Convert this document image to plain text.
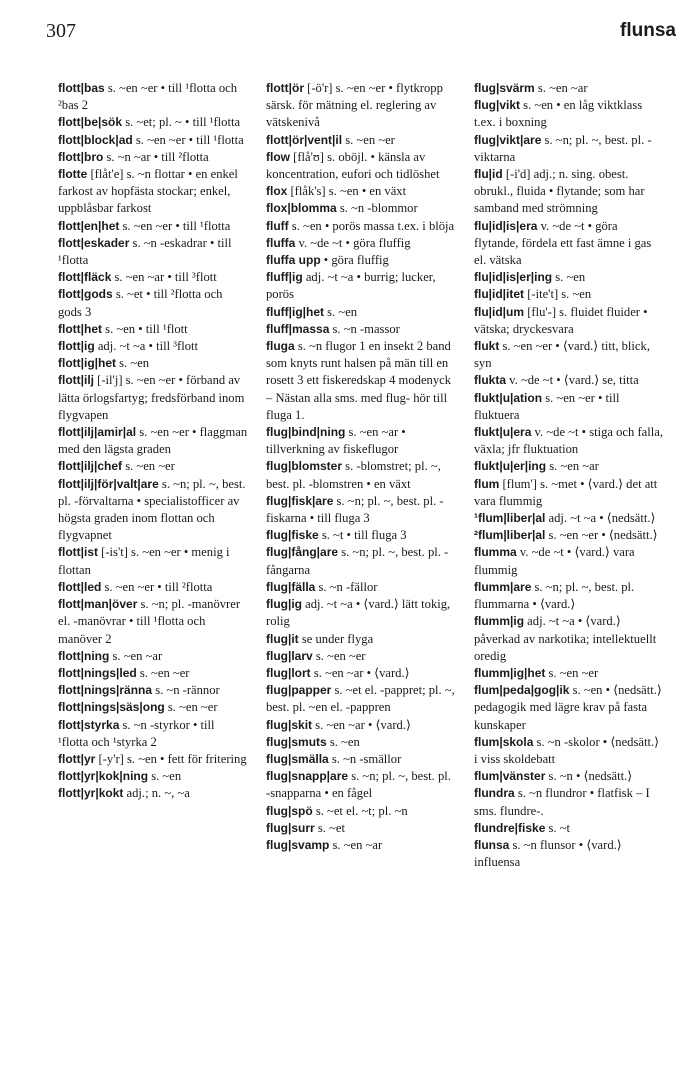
307	flunsa

flott|bas s. ~en ~er • till ¹flotta och ²bas 2

flott|be|sök s. ~et; pl. ~ • till ¹flotta

flott|block|ad s. ~en ~er • till ¹flotta

flott|bro s. ~n ~ar • till ²flotta

flotte [flåt'e] s. ~n flottar • en enkel farkost av hopfästa stockar; enkel, uppblåsbar farkost

flott|en|het s. ~en ~er • till ¹flotta

flott|eskader s. ~n -eskadrar • till ¹flotta

flott|fläck s. ~en ~ar • till ³flott

flott|gods s. ~et • till ²flotta och gods 3

flott|het s. ~en • till ¹flott

flott|ig adj. ~t ~a • till ³flott

flott|ig|het s. ~en

flott|ilj [-il'j] s. ~en ~er • förband av lätta örlogsfartyg; fredsförband inom flygvapen

flott|ilj|amir|al s. ~en ~er • flaggman med den lägsta graden

flott|ilj|chef s. ~en ~er

flott|ilj|för|valt|are s. ~n; pl. ~, best. pl. -förvaltarna • specialistofficer av högsta graden inom flottan och flygvapnet

flott|ist [-is't] s. ~en ~er • menig i flottan

flott|led s. ~en ~er • till ²flotta

flott|man|över s. ~n; pl. -manövrer el. -manövrar • till ¹flotta och manöver 2

flott|ning s. ~en ~ar

flott|nings|led s. ~en ~er

flott|nings|ränna s. ~n -rännor

flott|nings|säs|ong s. ~en ~er

flott|styrka s. ~n -styrkor • till ¹flotta och ¹styrka 2

flott|yr [-y'r] s. ~en • fett för fritering

flott|yr|kok|ning s. ~en

flott|yr|kokt adj.; n. ~, ~a

flott|ör [-ö'r] s. ~en ~er • flytkropp särsk. för mätning el. reglering av vätskenivå

flott|ör|vent|il s. ~en ~er

flow [flå'ʊ] s. oböjl. • känsla av koncentration, eufori och tidlöshet

flox [flåk's] s. ~en • en växt

flox|blomma s. ~n -blommor

fluff s. ~en • porös massa t.ex. i blöja

fluffa v. ~de ~t • göra fluffig

fluffa upp • göra fluffig

fluff|ig adj. ~t ~a • burrig; lucker, porös

fluff|ig|het s. ~en

fluff|massa s. ~n -massor

fluga s. ~n flugor 1 en insekt 2 band som knyts runt halsen på män till en rosett 3 ett fiskeredskap 4 modenyck – Nästan alla sms. med flug- hör till fluga 1.

flug|bind|ning s. ~en ~ar • tillverkning av fiskeflugor

flug|blomster s. -blomstret; pl. ~, best. pl. -blomstren • en växt

flug|fisk|are s. ~n; pl. ~, best. pl. -fiskarna • till fluga 3

flug|fiske s. ~t • till fluga 3

flug|fång|are s. ~n; pl. ~, best. pl. -fångarna

flug|fälla s. ~n -fällor

flug|ig adj. ~t ~a • ⟨vard.⟩ lätt tokig, rolig

flug|it se under flyga

flug|larv s. ~en ~er

flug|lort s. ~en ~ar • ⟨vard.⟩

flug|papper s. ~et el. -pappret; pl. ~, best. pl. ~en el. -pappren

flug|skit s. ~en ~ar • ⟨vard.⟩

flug|smuts s. ~en

flug|smälla s. ~n -smällor

flug|snapp|are s. ~n; pl. ~, best. pl. -snapparna • en fågel

flug|spö s. ~et el. ~t; pl. ~n

flug|surr s. ~et

flug|svamp s. ~en ~ar

flug|svärm s. ~en ~ar

flug|vikt s. ~en • en låg viktklass t.ex. i boxning

flug|vikt|are s. ~n; pl. ~, best. pl. -viktarna

flu|id [-i'd] adj.; n. sing. obest. obrukl., fluida • flytande; som har samband med strömning

flu|id|is|era v. ~de ~t • göra flytande, fördela ett fast ämne i gas el. vätska

flu|id|is|er|ing s. ~en

flu|id|itet [-ite't] s. ~en

flu|id|um [flu'-] s. fluidet fluider • vätska; dryckesvara

flukt s. ~en ~er • ⟨vard.⟩ titt, blick, syn

flukta v. ~de ~t • ⟨vard.⟩ se, titta

flukt|u|ation s. ~en ~er • till fluktuera

flukt|u|era v. ~de ~t • stiga och falla, växla; jfr fluktuation

flukt|u|er|ing s. ~en ~ar

flum [flum'] s. ~met • ⟨vard.⟩ det att vara flummig

¹flum|liber|al adj. ~t ~a • ⟨nedsätt.⟩

²flum|liber|al s. ~en ~er • ⟨nedsätt.⟩

flumma v. ~de ~t • ⟨vard.⟩ vara flummig

flumm|are s. ~n; pl. ~, best. pl. flummarna • ⟨vard.⟩

flumm|ig adj. ~t ~a • ⟨vard.⟩ påverkad av narkotika; intellektuellt oredig

flumm|ig|het s. ~en ~er

flum|peda|gog|ik s. ~en • ⟨nedsätt.⟩ pedagogik med lägre krav på fasta kunskaper

flum|skola s. ~n -skolor • ⟨nedsätt.⟩ i viss skoldebatt

flum|vänster s. ~n • ⟨nedsätt.⟩

flundra s. ~n flundror • flatfisk – I sms. flundre-.

flundre|fiske s. ~t

flunsa s. ~n flunsor • ⟨vard.⟩ influensa
